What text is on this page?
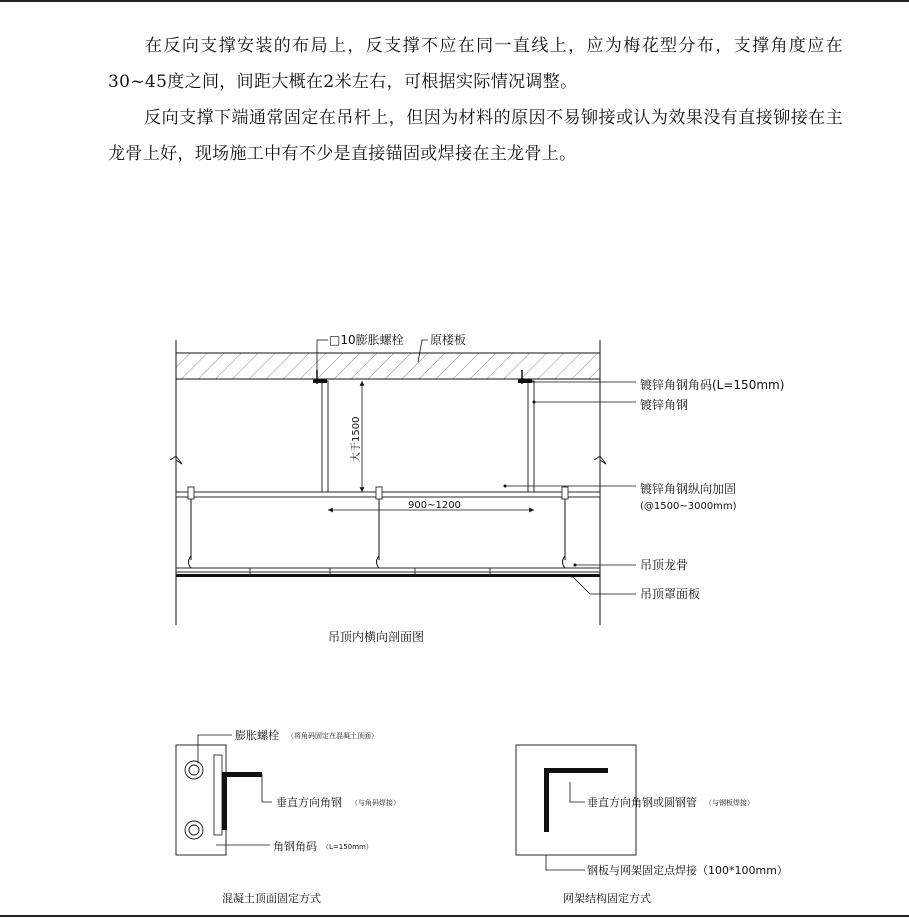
在反向支撑安装的布局上，反支撑不应在同一直线上，应为梅花型分布，支撑角度应在30~45度之间，间距大概在2米左右，可根据实际情况调整。

反向支撑下端通常固定在吊杆上，但因为材料的原因不易铆接或认为效果没有直接铆接在主龙骨上好，现场施工中有不少是直接锚固或焊接在主龙骨上。

大于1500
900~1200
□10膨胀螺栓 原楼板
镀锌角钢角码(L=150mm)
镀锌角钢
镀锌角钢纵向加固
(@1500~3000mm)
吊顶龙骨
吊顶罩面板
吊顶内横向剖面图
膨胀螺栓 （将角码固定在混凝土顶面）
垂直方向角钢 （与角码焊接）
角钢角码 （L=150mm）
混凝土顶面固定方式
垂直方向角钢或圆钢管 （与钢板焊接）
钢板与网架固定点焊接（100*100mm）
网架结构固定方式
